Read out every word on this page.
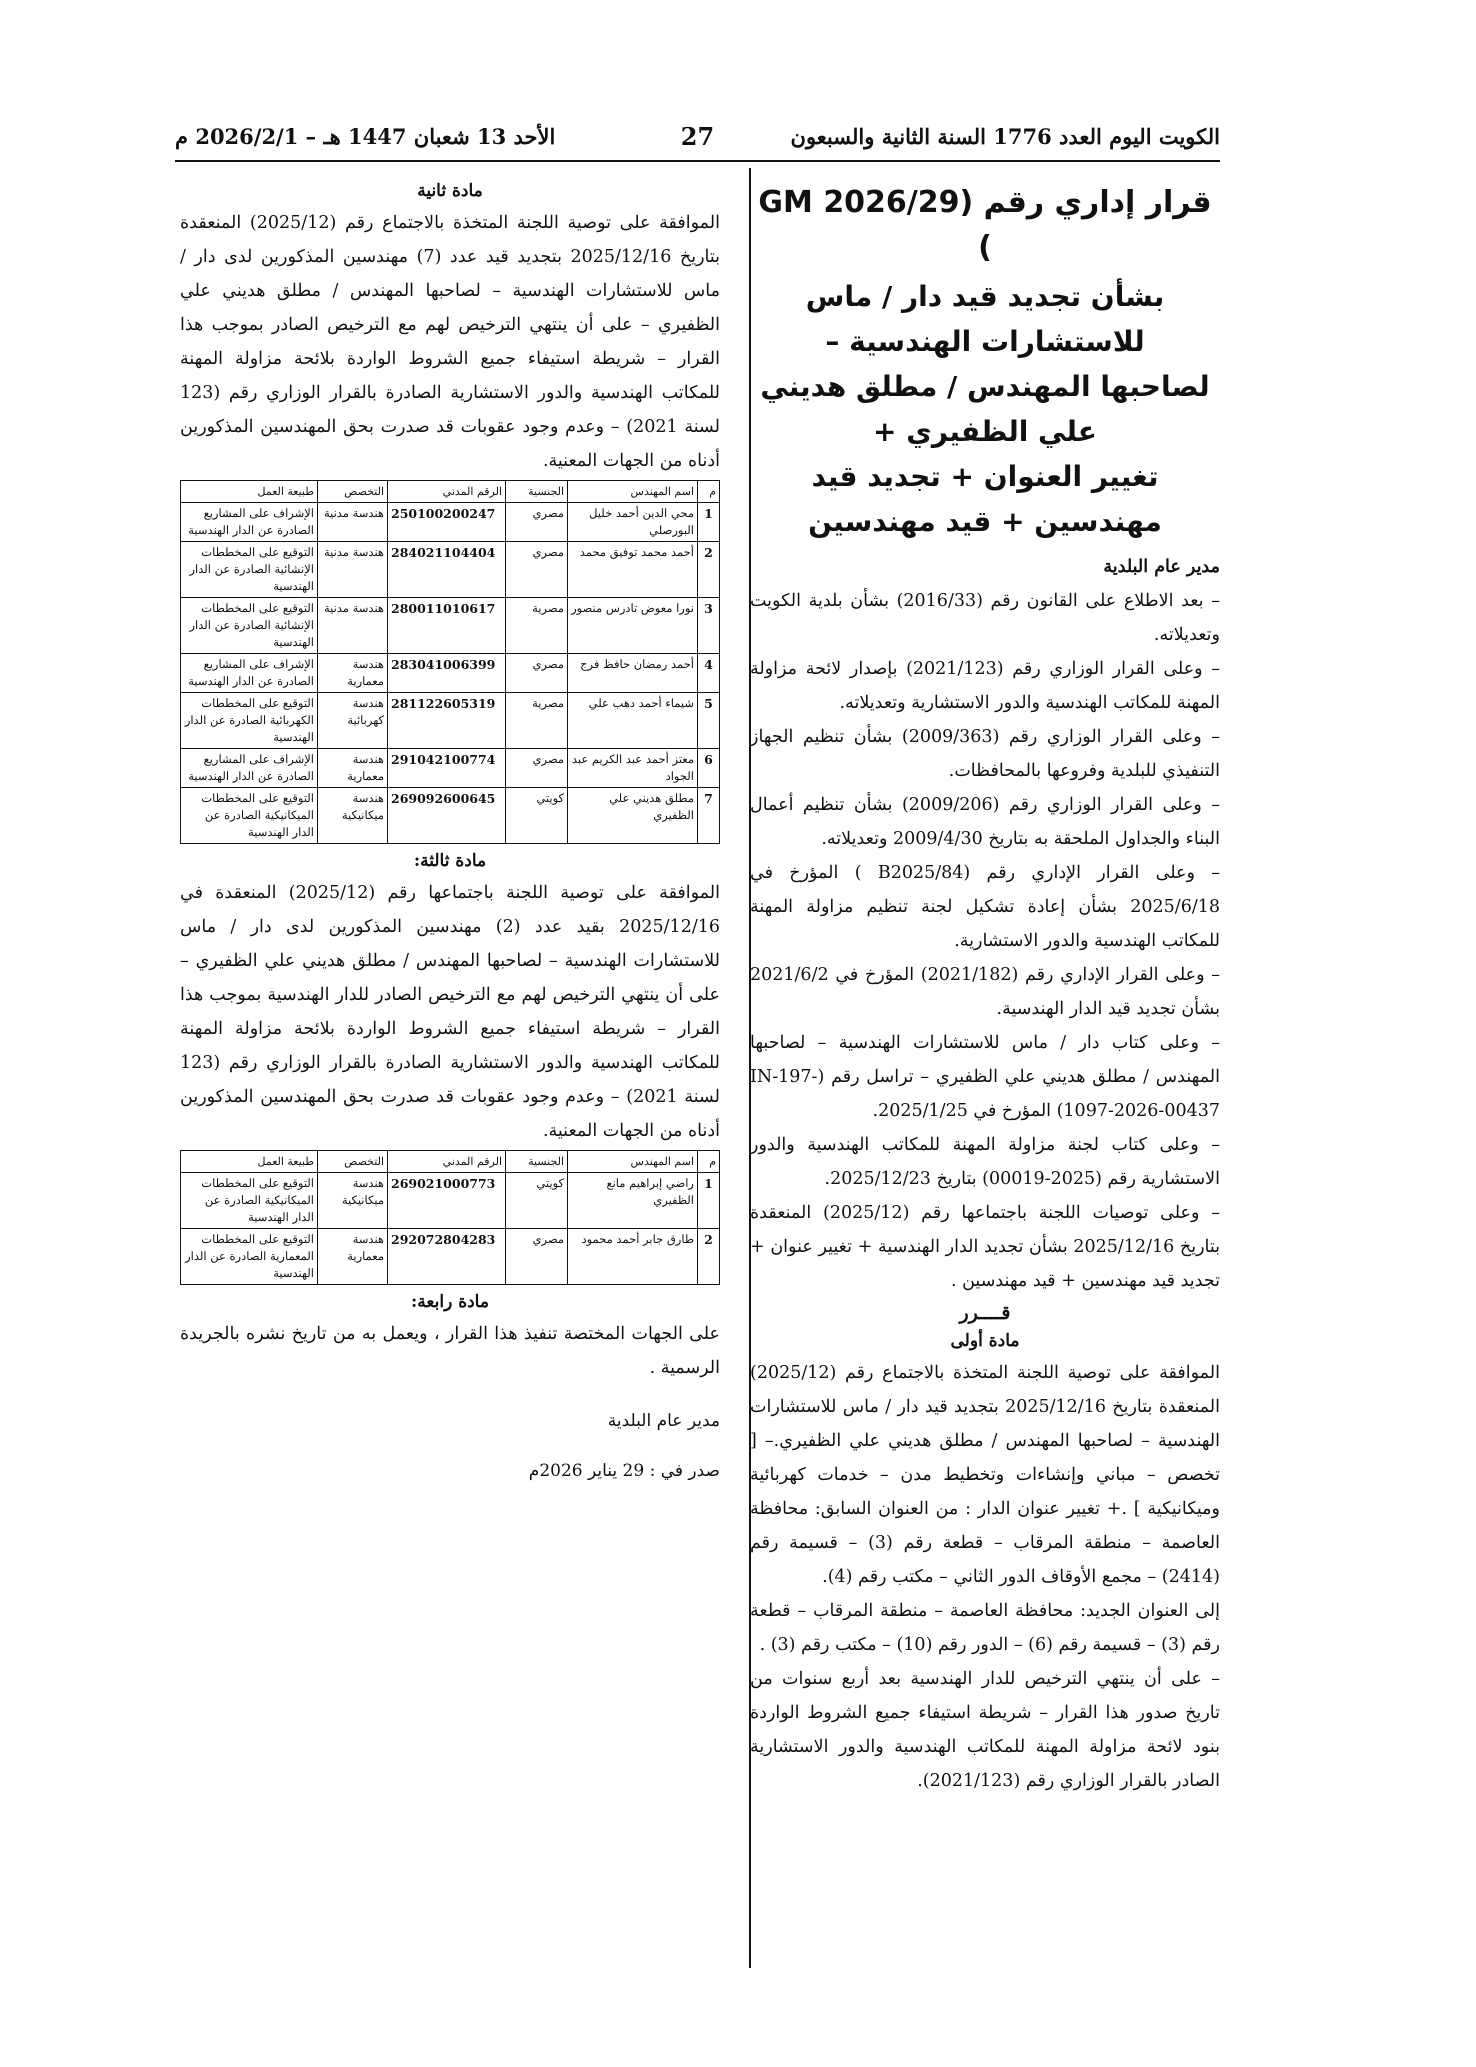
الكويت اليوم العدد 1776 السنة الثانية والسبعون
27
الأحد 13 شعبان 1447 هـ – 2026/2/1 م
قرار إداري رقم (GM 2026/29 )
بشأن تجديد قيد دار / ماس للاستشارات الهندسية –
لصاحبها المهندس / مطلق هديني علي الظفيري +
تغيير العنوان + تجديد قيد مهندسين + قيد مهندسين

مدير عام البلدية

– بعد الاطلاع على القانون رقم (2016/33) بشأن بلدية الكويت وتعديلاته.

– وعلى القرار الوزاري رقم (2021/123) بإصدار لائحة مزاولة المهنة للمكاتب الهندسية والدور الاستشارية وتعديلاته.

– وعلى القرار الوزاري رقم (2009/363) بشأن تنظيم الجهاز التنفيذي للبلدية وفروعها بالمحافظات.

– وعلى القرار الوزاري رقم (2009/206) بشأن تنظيم أعمال البناء والجداول الملحقة به بتاريخ 2009/4/30 وتعديلاته.

– وعلى القرار الإداري رقم (B2025/84 ) المؤرخ في 2025/6/18 بشأن إعادة تشكيل لجنة تنظيم مزاولة المهنة للمكاتب الهندسية والدور الاستشارية.

– وعلى القرار الإداري رقم (2021/182) المؤرخ في 2021/6/2 بشأن تجديد قيد الدار الهندسية.

– وعلى كتاب دار / ماس للاستشارات الهندسية – لصاحبها المهندس / مطلق هديني علي الظفيري – تراسل رقم (IN-197-1097-2026-00437) المؤرخ في 2025/1/25.

– وعلى كتاب لجنة مزاولة المهنة للمكاتب الهندسية والدور الاستشارية رقم (2025-00019) بتاريخ 2025/12/23.

– وعلى توصيات اللجنة باجتماعها رقم (2025/12) المنعقدة بتاريخ 2025/12/16 بشأن تجديد الدار الهندسية + تغيير عنوان + تجديد قيد مهندسين + قيد مهندسين .

قــــرر
مادة أولى

الموافقة على توصية اللجنة المتخذة بالاجتماع رقم (2025/12) المنعقدة بتاريخ 2025/12/16 بتجديد قيد دار / ماس للاستشارات الهندسية – لصاحبها المهندس / مطلق هديني علي الظفيري.– [ تخصص – مباني وإنشاءات وتخطيط مدن – خدمات كهربائية وميكانيكية ] .+ تغيير عنوان الدار : من العنوان السابق: محافظة العاصمة – منطقة المرقاب – قطعة رقم (3) – قسيمة رقم (2414) – مجمع الأوقاف الدور الثاني – مكتب رقم (4).

إلى العنوان الجديد: محافظة العاصمة – منطقة المرقاب – قطعة رقم (3) – قسيمة رقم (6) – الدور رقم (10) – مكتب رقم (3) .

– على أن ينتهي الترخيص للدار الهندسية بعد أربع سنوات من تاريخ صدور هذا القرار – شريطة استيفاء جميع الشروط الواردة بنود لائحة مزاولة المهنة للمكاتب الهندسية والدور الاستشارية الصادر بالقرار الوزاري رقم (2021/123).

مادة ثانية

الموافقة على توصية اللجنة المتخذة بالاجتماع رقم (2025/12) المنعقدة بتاريخ 2025/12/16 بتجديد قيد عدد (7) مهندسين المذكورين لدى دار / ماس للاستشارات الهندسية – لصاحبها المهندس / مطلق هديني علي الظفيري – على أن ينتهي الترخيص لهم مع الترخيص الصادر بموجب هذا القرار – شريطة استيفاء جميع الشروط الواردة بلائحة مزاولة المهنة للمكاتب الهندسية والدور الاستشارية الصادرة بالقرار الوزاري رقم (123 لسنة 2021) – وعدم وجود عقوبات قد صدرت بحق المهندسين المذكورين أدناه من الجهات المعنية.

م	اسم المهندس	الجنسية	الرقم المدني	التخصص	طبيعة العمل
1	محي الدين أحمد خليل البورصلي	مصري	250100200247	هندسة مدنية	الإشراف على المشاريع الصادرة عن الدار الهندسية
2	أحمد محمد توفيق محمد	مصري	284021104404	هندسة مدنية	التوقيع على المخططات الإنشائية الصادرة عن الدار الهندسية
3	نورا معوض تادرس منصور	مصرية	280011010617	هندسة مدنية	التوقيع على المخططات الإنشائية الصادرة عن الدار الهندسية
4	أحمد رمضان حافظ فرج	مصري	283041006399	هندسة معمارية	الإشراف على المشاريع الصادرة عن الدار الهندسية
5	شيماء أحمد دهب علي	مصرية	281122605319	هندسة كهربائية	التوقيع على المخططات الكهربائية الصادرة عن الدار الهندسية
6	معتز أحمد عبد الكريم عبد الجواد	مصري	291042100774	هندسة معمارية	الإشراف على المشاريع الصادرة عن الدار الهندسية
7	مطلق هديني علي الظفيري	كويتي	269092600645	هندسة ميكانيكية	التوقيع على المخططات الميكانيكية الصادرة عن الدار الهندسية
مادة ثالثة:

الموافقة على توصية اللجنة باجتماعها رقم (2025/12) المنعقدة في 2025/12/16 بقيد عدد (2) مهندسين المذكورين لدى دار / ماس للاستشارات الهندسية – لصاحبها المهندس / مطلق هديني علي الظفيري – على أن ينتهي الترخيص لهم مع الترخيص الصادر للدار الهندسية بموجب هذا القرار – شريطة استيفاء جميع الشروط الواردة بلائحة مزاولة المهنة للمكاتب الهندسية والدور الاستشارية الصادرة بالقرار الوزاري رقم (123 لسنة 2021) – وعدم وجود عقوبات قد صدرت بحق المهندسين المذكورين أدناه من الجهات المعنية.

م	اسم المهندس	الجنسية	الرقم المدني	التخصص	طبيعة العمل
1	راضي إبراهيم مانع الظفيري	كويتي	269021000773	هندسة ميكانيكية	التوقيع على المخططات الميكانيكية الصادرة عن الدار الهندسية
2	طارق جابر أحمد محمود	مصري	292072804283	هندسة معمارية	التوقيع على المخططات المعمارية الصادرة عن الدار الهندسية
مادة رابعة:

على الجهات المختصة تنفيذ هذا القرار ، ويعمل به من تاريخ نشره بالجريدة الرسمية .

مدير عام البلدية
صدر في : 29 يناير 2026م
